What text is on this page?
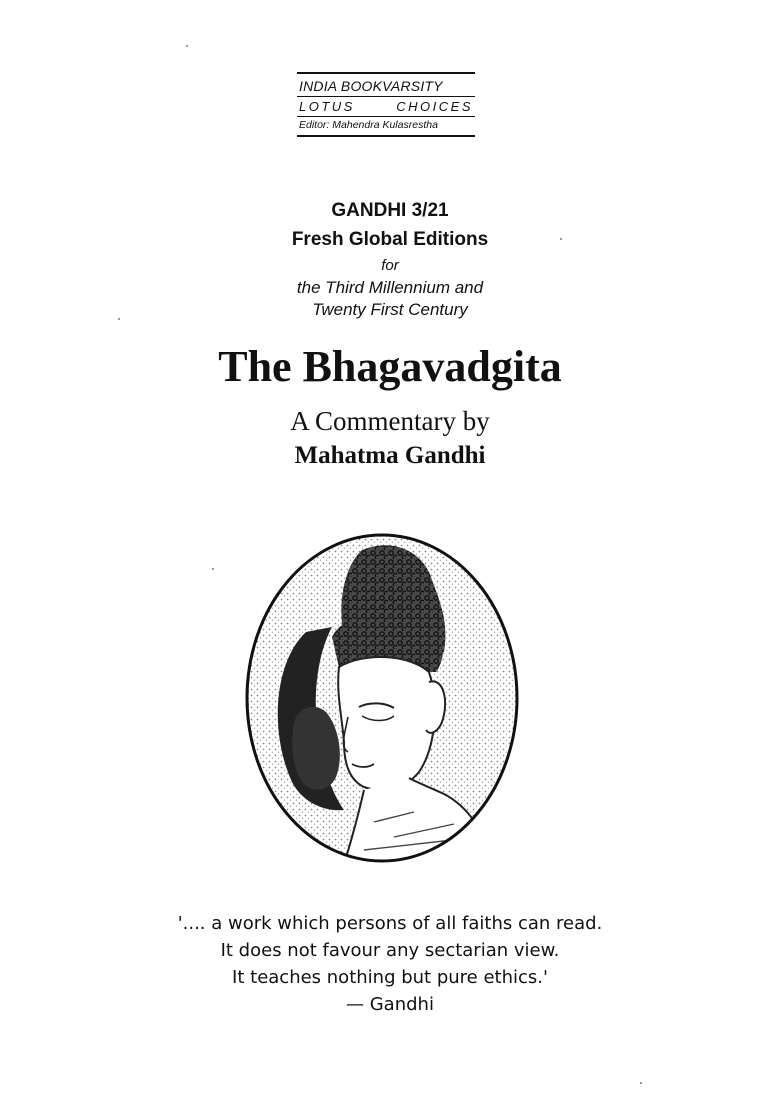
INDIA BOOKVARSITY
LOTUS	CHOICES
Editor: Mahendra Kulasrestha
GANDHI 3/21
Fresh Global Editions
for
the Third Millennium and
Twenty First Century
The Bhagavadgita
A Commentary by
Mahatma Gandhi
'.... a work which persons of all faiths can read.
It does not favour any sectarian view.
It teaches nothing but pure ethics.'
— Gandhi
